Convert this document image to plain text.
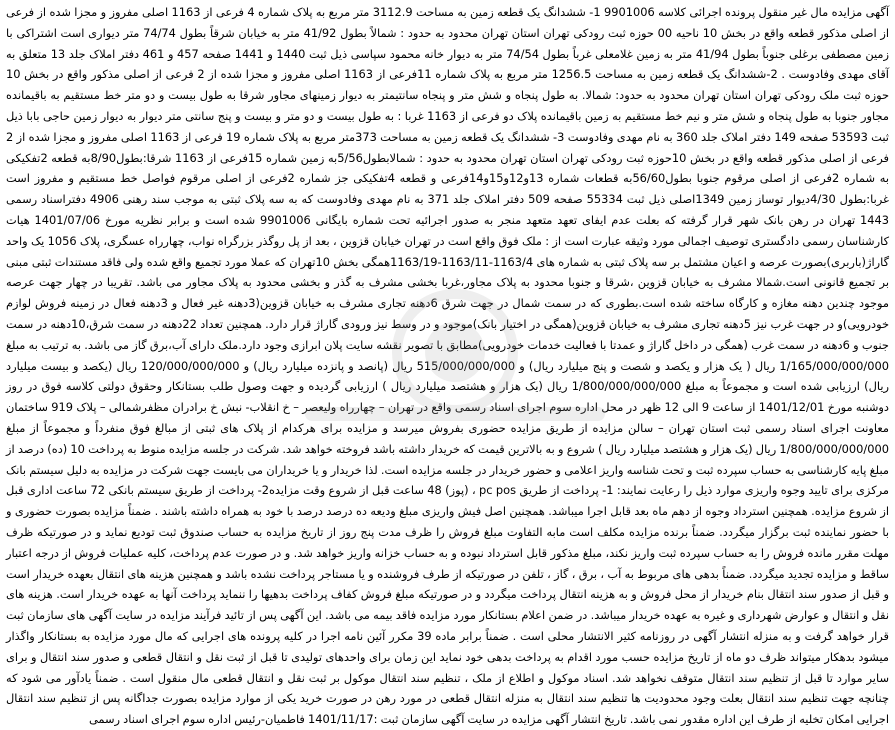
آگهی مزایده مال غیر منقول پرونده اجرائی کلاسه 9901006 1- ششدانگ یک قطعه زمین به مساحت 3112.9 متر مربع به پلاک شماره 4 فرعی از 1163 اصلی مفروز و مجزا شده از فرعی از اصلی مذکور قطعه واقع در بخش 10 ناحیه 00 حوزه ثبت رودکی تهران استان تهران محدود به حدود : شمالاً بطول 41/92 متر به خیابان شرقاً بطول 74/74 متر دیواری است اشتراکی با زمین مصطفی برغلی جنوباً بطول 41/94 متر به زمین غلامعلی غرباً بطول 74/54 متر به دیوار خانه محمود سپاسی ذیل ثبت 1440 و 1441 صفحه 457 و 461 دفتر املاک جلد 13 متعلق به آقای مهدی وفادوست . 2-ششدانگ یک قطعه زمین به مساحت 1256.5 متر مربع به پلاک شماره 11فرعی از 1163 اصلی مفروز و مجزا شده از 2 فرعی از اصلی مذکور واقع در بخش 10 حوزه ثبت ملک رودکی تهران استان تهران محدود به حدود: شمالا. به طول پنجاه و شش متر و پنجاه سانتیمتر به دیوار زمینهای مجاور شرقا به طول بیست و دو متر خط مستقیم به باقیمانده مجاور جنوبا به طول پنجاه و شش متر و نیم خط مستقیم به زمین باقیمانده پلاک دو فرعی از 1163 غربا : به طول بیست و دو متر و بیست و پنج سانتی متر دیوار به دیوار زمین حاجی بابا ذیل ثبت 53593 صفحه 149 دفتر املاک جلد 360 به نام مهدی وفادوست 3- ششدانگ یک قطعه زمین به مساحت 373متر مربع به پلاک شماره 19 فرعی از 1163 اصلی مفروز و مجزا شده از 2 فرعی از اصلی مذکور قطعه واقع در بخش 10حوزه ثبت رودکی تهران استان تهران محدود به حدود : شمالابطول5/56به زمین شماره 15فرعی از 1163 شرقا:بطول8/90به قطعه 2تفکیکی به شماره 2فرعی از اصلی مرقوم جنوبا بطول56/60به قطعات شماره 13و12و15و14فرعی و قطعه 4تفکیکی جز شماره 2فرعی از اصلی مرقوم فواصل خط مستقیم و مفروز است غربا:بطول 4/30دیوار توساز زمین 1349اصلی ذیل ثبت 55334 صفحه 509 دفتر املاک جلد 371 به نام مهدی وفادوست که به سه پلاک ثبتی به موجب سند رهنی 4906 دفتراسناد رسمی 1443 تهران در رهن بانک شهر قرار گرفته که بعلت عدم ایفای تعهد متعهد منجر به صدور اجرائیه تحت شماره بایگانی 9901006 شده است و برابر نظریه مورخ 1401/07/06 هیات کارشناسان رسمی دادگستری توصیف اجمالی مورد وثیقه عبارت است از : ملک فوق واقع است در تهران خیابان قزوین ، بعد از پل روگذر بزرگراه نواب، چهارراه عسگری، پلاک 1056 یک واحد گاراژ(باربری)بصورت عرصه و اعیان مشتمل بر سه پلاک ثبتی به شماره های 1163/4-1163/11-1163/19همگی بخش 10تهران که عملا مورد تجمیع واقع شده ولی فاقد مستندات ثبتی مبنی بر تجمیع قانونی است.شمالا مشرف به خیابان قزوین ،شرقا و جنوبا محدود به پلاک مجاور،غربا بخشی مشرف به گذر و بخشی محدود به پلاک مجاور می باشد. تقریبا در چهار جهت عرصه موجود چندین دهنه مغازه و کارگاه ساخته شده است.بطوری که در سمت شمال در جهت شرق 6دهنه تجاری مشرف به خیابان قزوین(3دهنه غیر فعال و 3دهنه فعال در زمینه فروش لوازم خودرویی)و در جهت غرب نیز 5دهنه تجاری مشرف به خیابان قزوین(همگی در اختیار بانک)موجود و در وسط نیز ورودی گاراژ قرار دارد. همچنین تعداد 22دهنه در سمت شرق،10دهنه در سمت جنوب و 6دهنه در سمت غرب (همگی در داخل گاراژ و عمدتا با فعالیت خدمات خودرویی)مطابق با تصویر نقشه سایت پلان ابرازی وجود دارد.ملک دارای آب،برق گاز می باشد. به ترتیب به مبلغ 1/165/000/000/000 ریال ( یک هزار و یکصد و شصت و پنج میلیارد ریال) و 515/000/000/000 ریال (پانصد و پانزده میلیارد ریال) و 120/000/000/000 ریال (یکصد و بیست میلیارد ریال) ارزیابی شده است و مجموعاً به مبلغ 1/800/000/000/000 ریال (یک هزار و هشتصد میلیارد ریال ) ارزیابی گردیده و جهت وصول طلب بستانکار وحقوق دولتی کلاسه فوق در روز دوشنبه مورخ 1401/12/01 از ساعت 9 الی 12 ظهر در محل اداره سوم اجرای اسناد رسمی واقع در تهران – چهارراه ولیعصر – خ انقلاب- نبش خ برادران مظفرشمالی – پلاک 919 ساختمان معاونت اجرای اسناد رسمی ثبت استان تهران – سالن مزایده از طریق مزایده حضوری بفروش میرسد و مزایده برای هرکدام از پلاک های ثبتی از مبالغ فوق منفرداً و مجموعاً از مبلغ 1/800/000/000/000 ریال (یک هزار و هشتصد میلیارد ریال ) شروع و به بالاترین قیمت که خریدار داشته باشد فروخته خواهد شد. شرکت در جلسه مزایده منوط به پرداخت 10 (ده) درصد از مبلغ پایه کارشناسی به حساب سپرده ثبت و تحت شناسه واریز اعلامی و حضور خریدار در جلسه مزایده است. لذا خریدار و یا خریداران می بایست جهت شرکت در مزایده به دلیل سیستم بانک مرکزی برای تایید وجوه واریزی موارد ذیل را رعایت نمایند: 1- پرداخت از طریق pc pos ، (پوز) 48 ساعت قبل از شروع وقت مزایده2- پرداخت از طریق سیستم بانکی 72 ساعت اداری قبل از شروع مزایده. همچنین استرداد وجوه از دهم ماه بعد قابل اجرا میباشد. همچنین اصل فیش واریزی مبلغ ودیعه ده درصد درصد با خود به همراه داشته باشند . ضمناً مزایده بصورت حضوری و با حضور نماینده ثبت برگزار میگردد. ضمناً برنده مزایده مکلف است مابه التفاوت مبلغ فروش را ظرف مدت پنج روز از تاریخ مزایده به حساب صندوق ثبت تودیع نماید و در صورتیکه ظرف مهلت مقرر مانده فروش را به حساب سپرده ثبت واریز نکند، مبلغ مذکور قابل استرداد نبوده و به حساب خزانه واریز خواهد شد. و در صورت عدم پرداخت، کلیه عملیات فروش از درجه اعتبار ساقط و مزایده تجدید میگردد. ضمناً بدهی های مربوط به آب ، برق ، گاز ، تلفن در صورتیکه از طرف فروشنده و یا مستاجر پرداخت نشده باشد و همچنین هزینه های انتقال بعهده خریدار است و قبل از صدور سند انتقال بنام خریدار از محل فروش و به هزینه انتقال پرداخت میگردد و در صورتیکه مبلغ فروش کفاف پرداخت بدهیها را ننماید پرداخت آنها به عهده خریدار است. هزینه های نقل و انتقال و عوارض شهرداری و غیره به عهده خریدار میباشد. در ضمن اعلام بستانکار مورد مزایده فاقد بیمه می باشد. این آگهی پس از تائید فرآیند مزایده در سایت آگهی های سازمان ثبت قرار خواهد گرفت و به منزله انتشار آگهی در روزنامه کثیر الانتشار محلی است . ضمناً برابر ماده 39 مکرر آئین نامه اجرا در کلیه پرونده های اجرایی که مال مورد مزایده به بستانکار واگذار میشود بدهکار میتواند ظرف دو ماه از تاریخ مزایده حسب مورد اقدام به پرداخت بدهی خود نماید این زمان برای واحدهای تولیدی تا قبل از ثبت نقل و انتقال قطعی و صدور سند انتقال و برای سایر موارد تا قبل از تنظیم سند انتقال متوقف نخواهد شد. اسناد موکول و اطلاع از ملک ، تنظیم سند انتقال موکول بر ثبت نقل و انتقال قطعی مال منقول است . ضمناً یادآور می شود که چنانچه جهت تنظیم سند انتقال بعلت وجود محدودیت ها تنظیم سند انتقال به منزله انتقال قطعی در مورد رهن در صورت خرید یکی از موارد مزایده بصورت جداگانه پس از تنظیم سند انتقال اجرایی امکان تخلیه از طرف این اداره مقدور نمی باشد. تاریخ انتشار آگهی مزایده در سایت آگهی سازمان ثبت :1401/11/17 فاطمیان-رئیس اداره سوم اجرای اسناد رسمی
